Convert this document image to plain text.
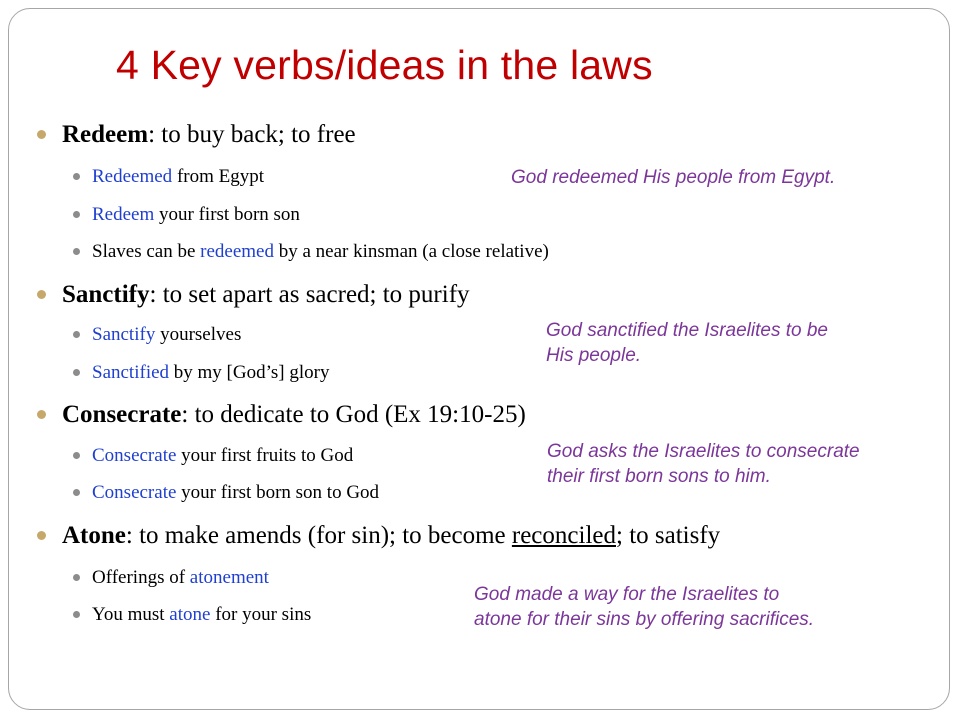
4 Key verbs/ideas in the laws
Redeem: to buy back; to free
Redeemed from Egypt
Redeem your first born son
Slaves can be redeemed by a near kinsman (a close relative)
Sanctify: to set apart as sacred; to purify
Sanctify yourselves
Sanctified by my [God’s] glory
Consecrate: to dedicate to God (Ex 19:10-25)
Consecrate your first fruits to God
Consecrate your first born son to God
Atone: to make amends (for sin); to become reconciled; to satisfy
Offerings of atonement
You must atone for your sins
God redeemed His people from Egypt.
God sanctified the Israelites to be
His people.
God asks the Israelites to consecrate
their first born sons to him.
God made a way for the Israelites to
atone for their sins by offering sacrifices.
